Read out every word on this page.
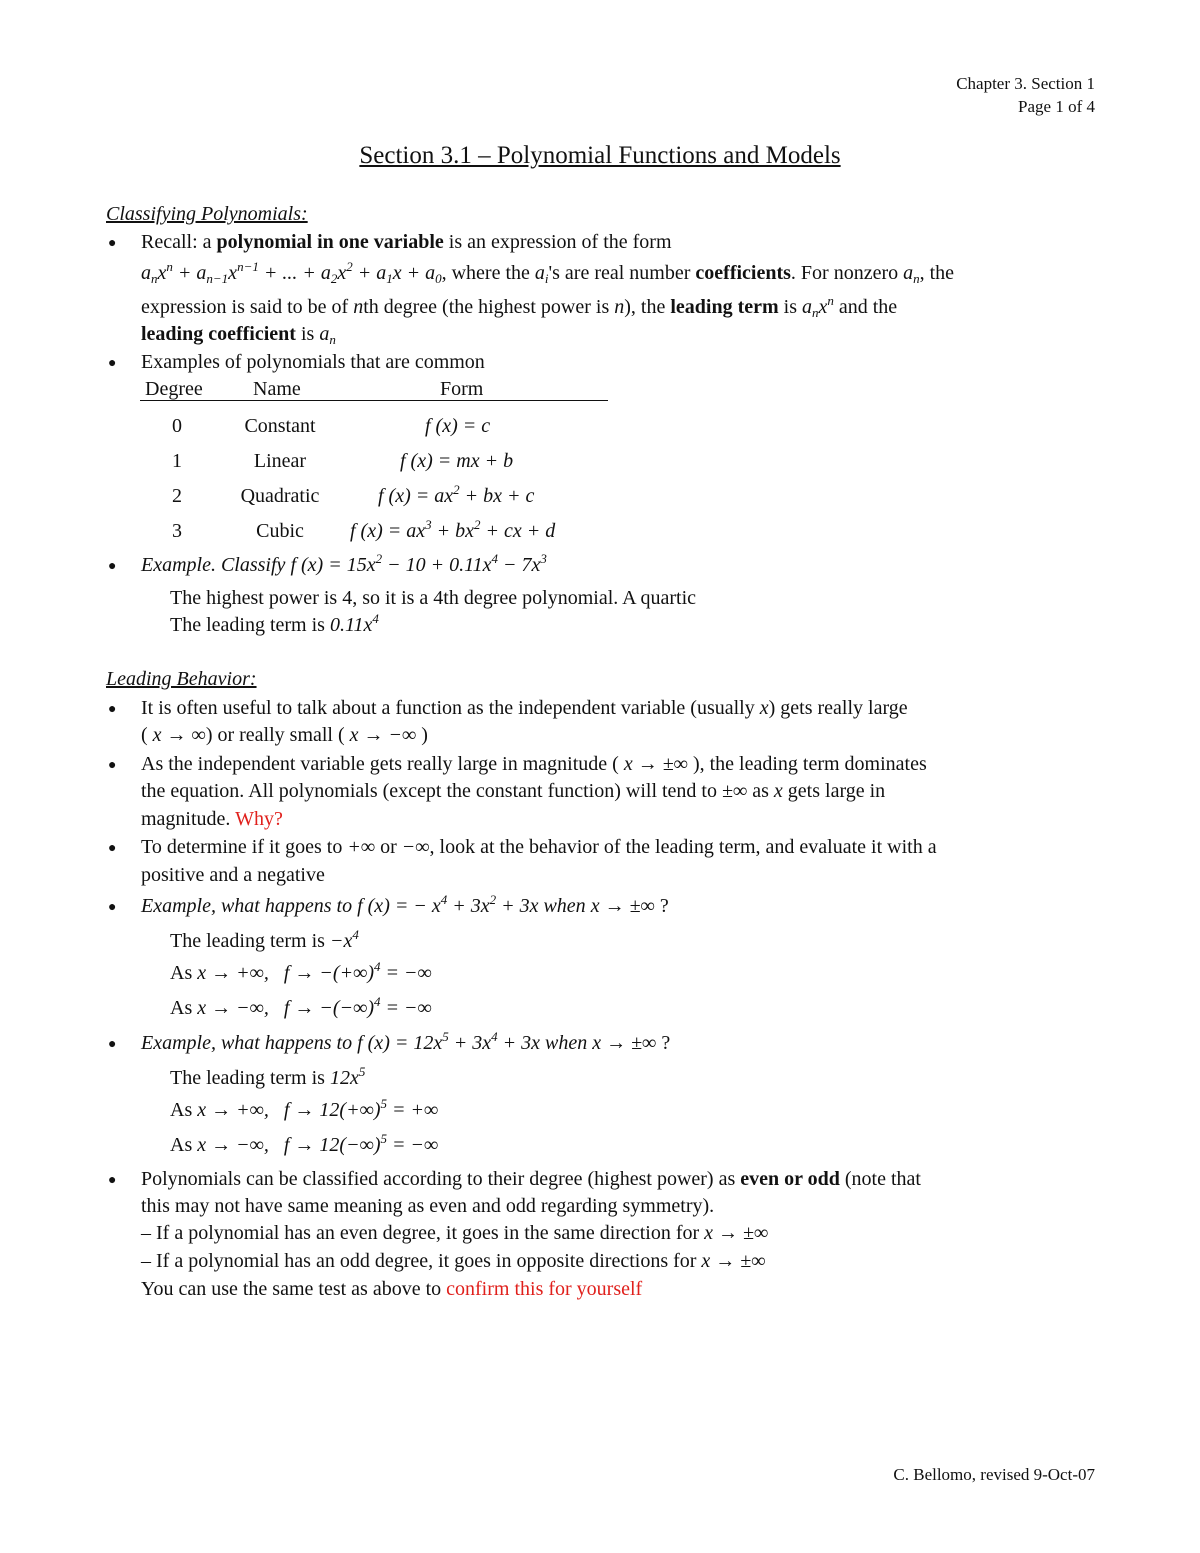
Chapter 3. Section 1
Page 1 of 4
Section 3.1 – Polynomial Functions and Models
Classifying Polynomials:
● Recall: a polynomial in one variable is an expression of the form
$a_nx^n + a_{n-1}x^{n-1}$ + ... + $a_2x^2 + a_1x + a_0$, where the $a_i's$ are real number coefficients. For nonzero $a_n$, the
expression is said to be of nth degree (the highest power is n), the leading term is $a_nx^n$ and the
leading coefficient is $a_n$
● Examples of polynomials that are common
Degree	Name	Form
0	Constant	f (x) = c
1	Linear	f (x) = mx + b
2	Quadratic	f $(x) = ax^2$ + bx + c
3	Cubic	f $(x) = ax^3 + bx^2$ + cx + d
● Example. Classify f $(x) = 15x^2 - 10 + 0.11x^4 - 7x^3$
The highest power is 4, so it is a 4th degree polynomial. A quartic
The leading term is $0.11x^4$
Leading Behavior:
● It is often useful to talk about a function as the independent variable (usually x) gets really large
( x → ∞) or really small ( x → −∞ )
● As the independent variable gets really large in magnitude ( x → ±∞ ), the leading term dominates
the equation. All polynomials (except the constant function) will tend to ±∞ as x gets large in
magnitude. Why?
● To determine if it goes to +∞ or −∞, look at the behavior of the leading term, and evaluate it with a
positive and a negative
● Example, what happens to f (x) = − $x^4 + 3x^2 + 3x$ when x → ±∞ ?
The leading term is $-x^4$
As x → +∞,   f → −(+∞)$^4$ = −∞
As x → −∞,   f → −(−∞)$^4$ = −∞
● Example, what happens to f $(x) = 12x^5 + 3x^4 + 3x$ when x → ±∞ ?
The leading term is $12x^5$
As x → +∞,   f → 12(+∞)$^5$ = +∞
As x → −∞,   f → 12(−∞)$^5$ = −∞
● Polynomials can be classified according to their degree (highest power) as even or odd (note that
this may not have same meaning as even and odd regarding symmetry).
– If a polynomial has an even degree, it goes in the same direction for x → ±∞
– If a polynomial has an odd degree, it goes in opposite directions for x → ±∞
You can use the same test as above to confirm this for yourself
C. Bellomo, revised 9-Oct-07
